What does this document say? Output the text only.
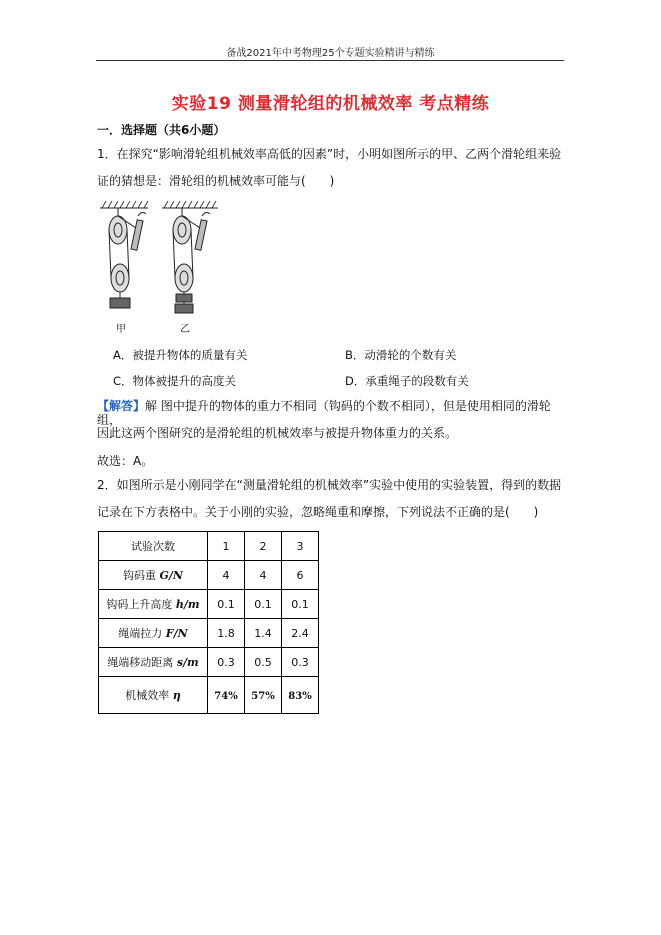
备战2021年中考物理25个专题实验精讲与精练
实验19 测量滑轮组的机械效率 考点精练
一．选择题（共6小题）
1．在探究“影响滑轮组机械效率高低的因素”时，小明如图所示的甲、乙两个滑轮组来验
证的猜想是：滑轮组的机械效率可能与(　　)
甲	乙
A．被提升物体的质量有关	B．动滑轮的个数有关
C．物体被提升的高度关	D．承重绳子的段数有关
【解答】解 图中提升的物体的重力不相同（钩码的个数不相同），但是使用相同的滑轮组，
因此这两个图研究的是滑轮组的机械效率与被提升物体重力的关系。
故选：A。
2．如图所示是小刚同学在“测量滑轮组的机械效率”实验中使用的实验装置，得到的数据
记录在下方表格中。关于小刚的实验，忽略绳重和摩擦，下列说法不正确的是(　　)
试验次数	1	2	3
钩码重 G/N	4	4	6
钩码上升高度 h/m	0.1	0.1	0.1
绳端拉力 F/N	1.8	1.4	2.4
绳端移动距离 s/m	0.3	0.5	0.3
机械效率 η	74%	57%	83%
